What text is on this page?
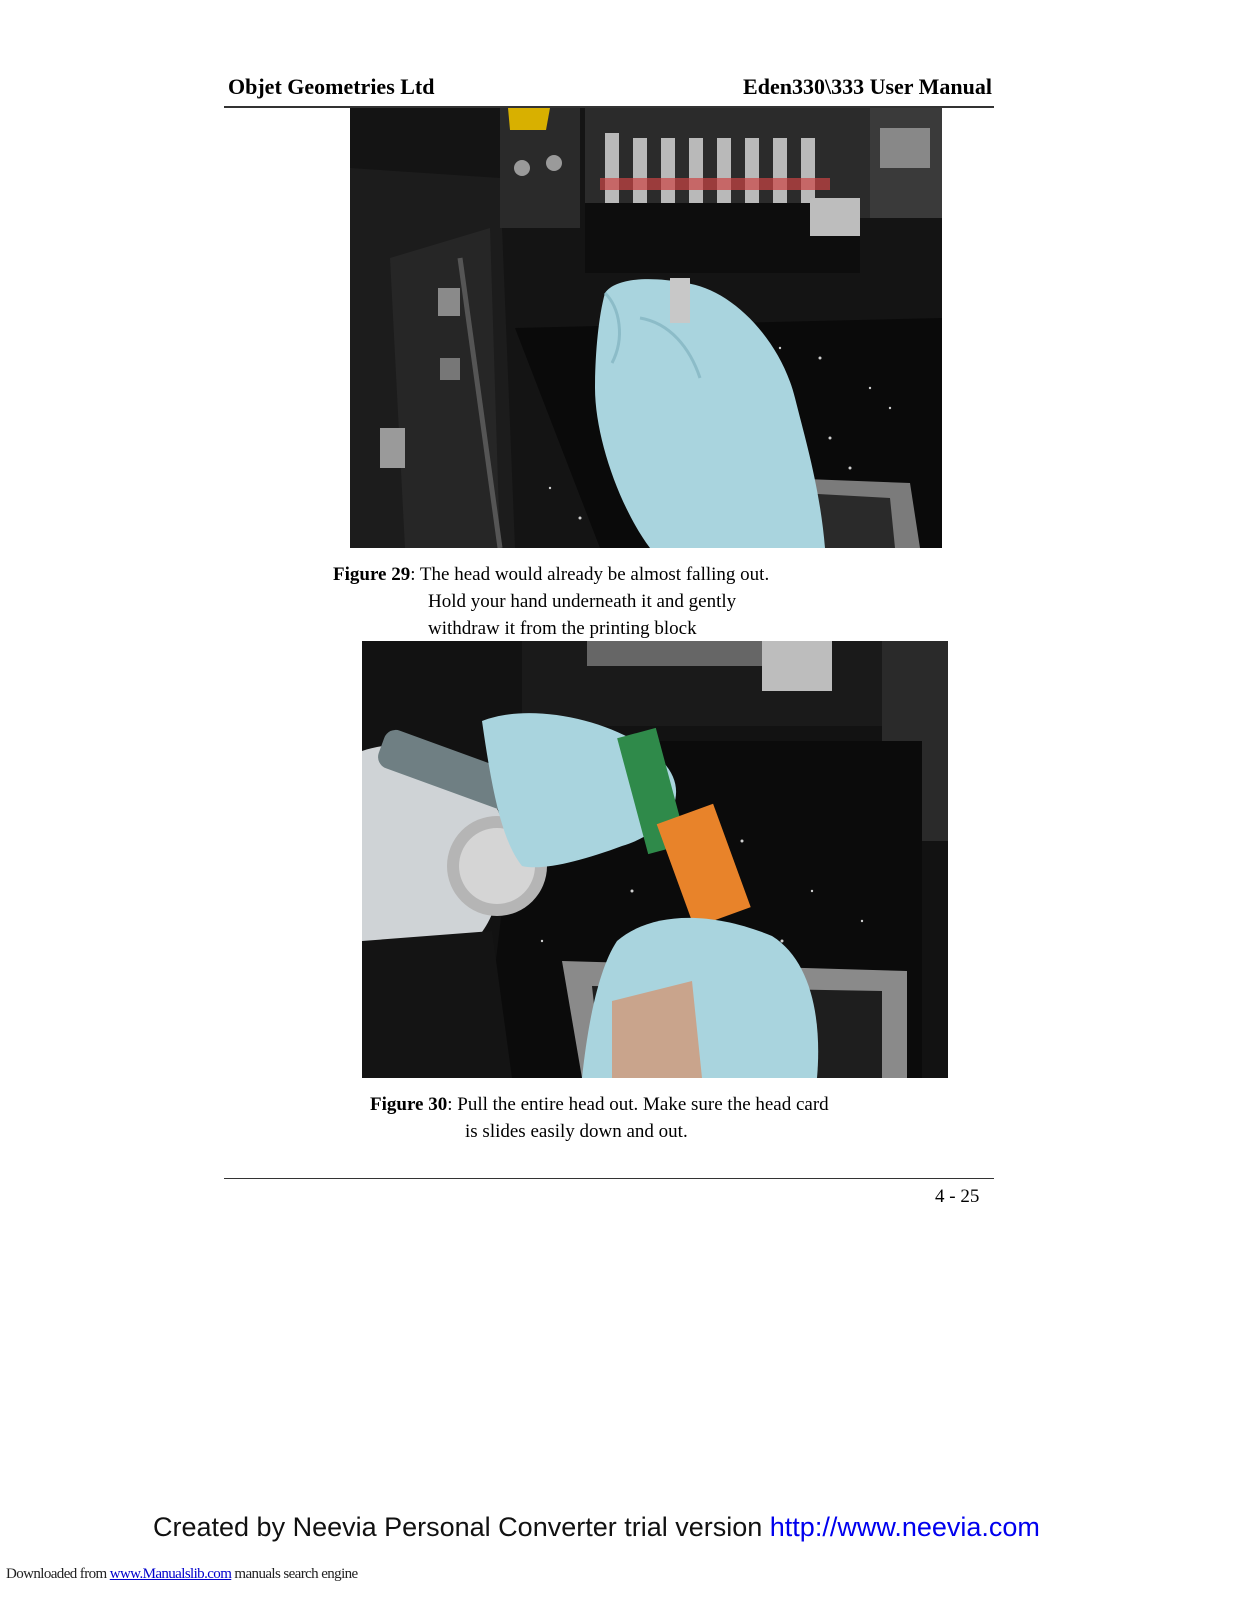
Objet Geometries Ltd	Eden330\333 User Manual
Figure 29: The head would already be almost falling out.
Hold your hand underneath it and gently
withdraw it from the printing block
Figure 30: Pull the entire head out. Make sure the head card
is slides easily down and out.
4 - 25
Created by Neevia Personal Converter trial version http://www.neevia.com
Downloaded from www.Manualslib.com manuals search engine
